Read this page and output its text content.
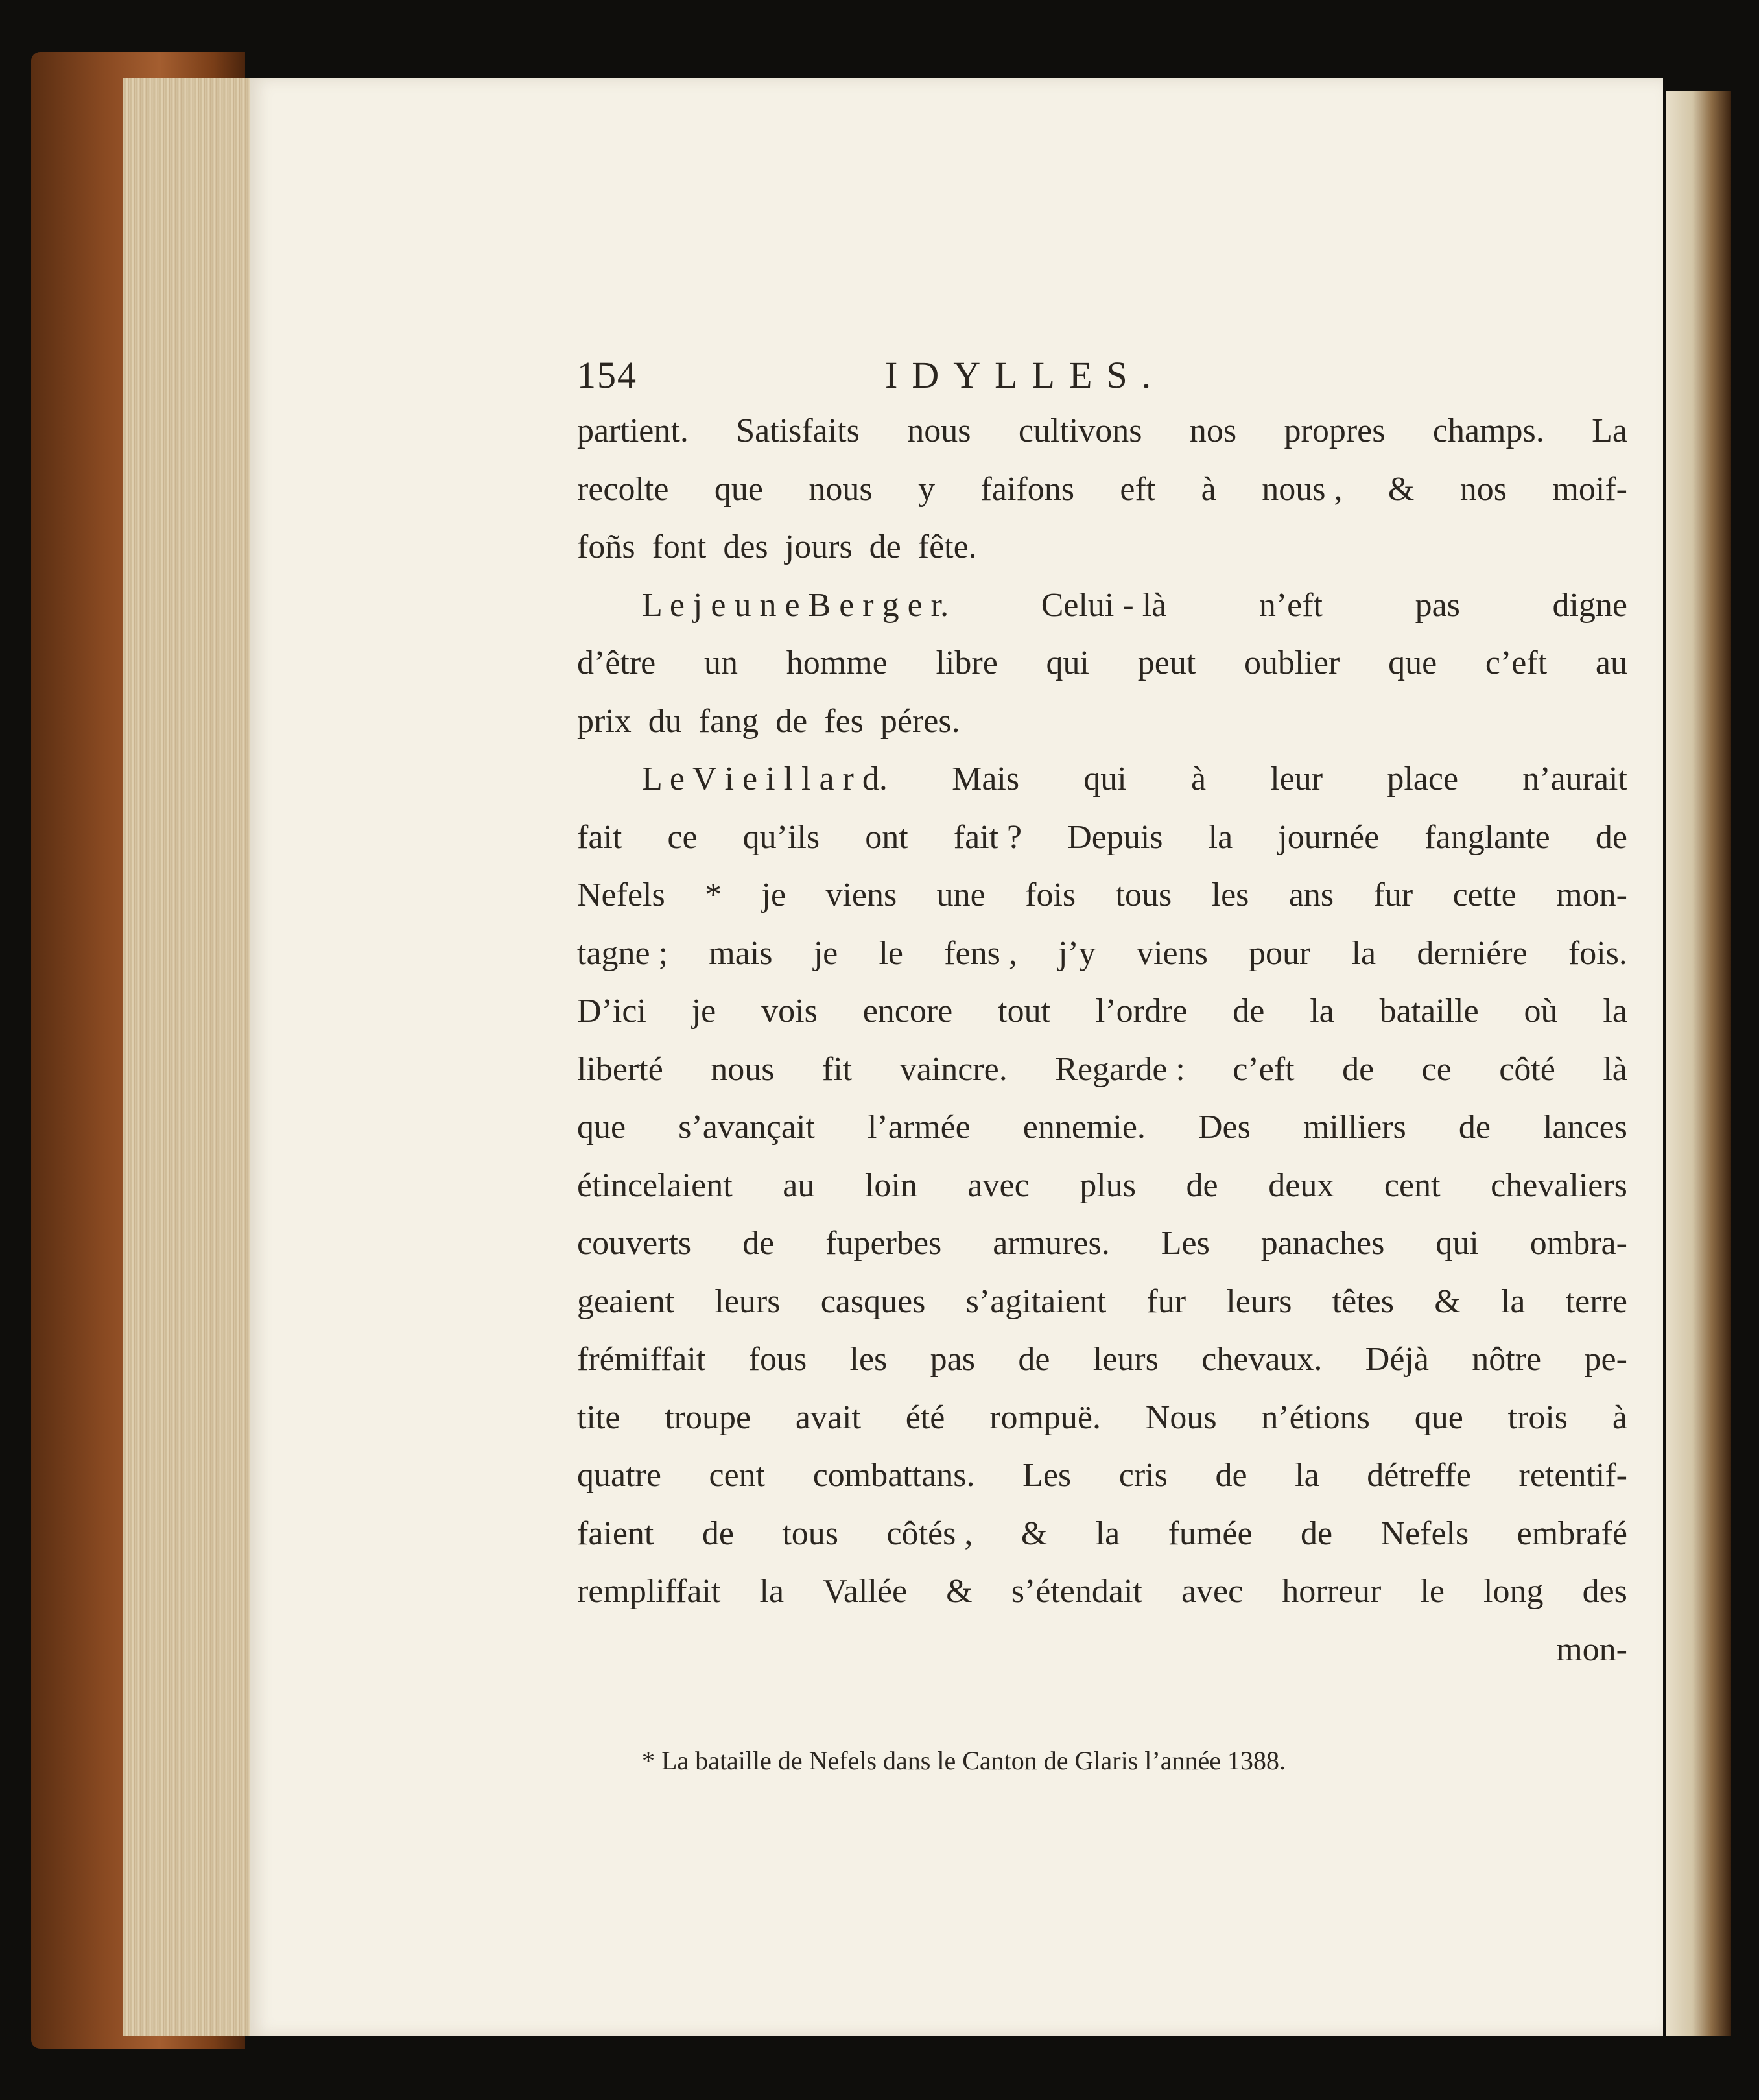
154	IDYLLES.
partient. Satisfaits nous cultivons nos propres champs. La
recolte que nous y faifons eft à nous , & nos moif-
foñs font des jours de fête.
L e j e u n e B e r g e r.	Celui - là	n’eft	pas	digne
d’être un homme libre qui peut oublier que c’eft au
prix du fang de fes péres.
L e V i e i l l a r d. Mais qui à leur place n’aurait
fait ce qu’ils ont fait ? Depuis la journée fanglante de
Nefels * je viens une fois tous les ans fur cette mon-
tagne ; mais je le fens , j’y viens pour la derniére fois.
D’ici je vois encore tout l’ordre de la bataille où la
liberté nous fit vaincre. Regarde : c’eft de ce côté là
que s’avançait l’armée ennemie. Des milliers de lances
étincelaient au loin avec plus de deux cent chevaliers
couverts de fuperbes armures. Les panaches qui ombra-
geaient leurs casques s’agitaient fur leurs têtes & la terre
frémiffait fous les pas de leurs chevaux. Déjà nôtre pe-
tite troupe avait été rompuë. Nous n’étions que trois à
quatre cent combattans. Les cris de la détreffe retentif-
faient de tous côtés , & la fumée de Nefels embrafé
rempliffait la Vallée & s’étendait avec horreur le long des
mon-
* La bataille de Nefels dans le Canton de Glaris l’année 1388.
